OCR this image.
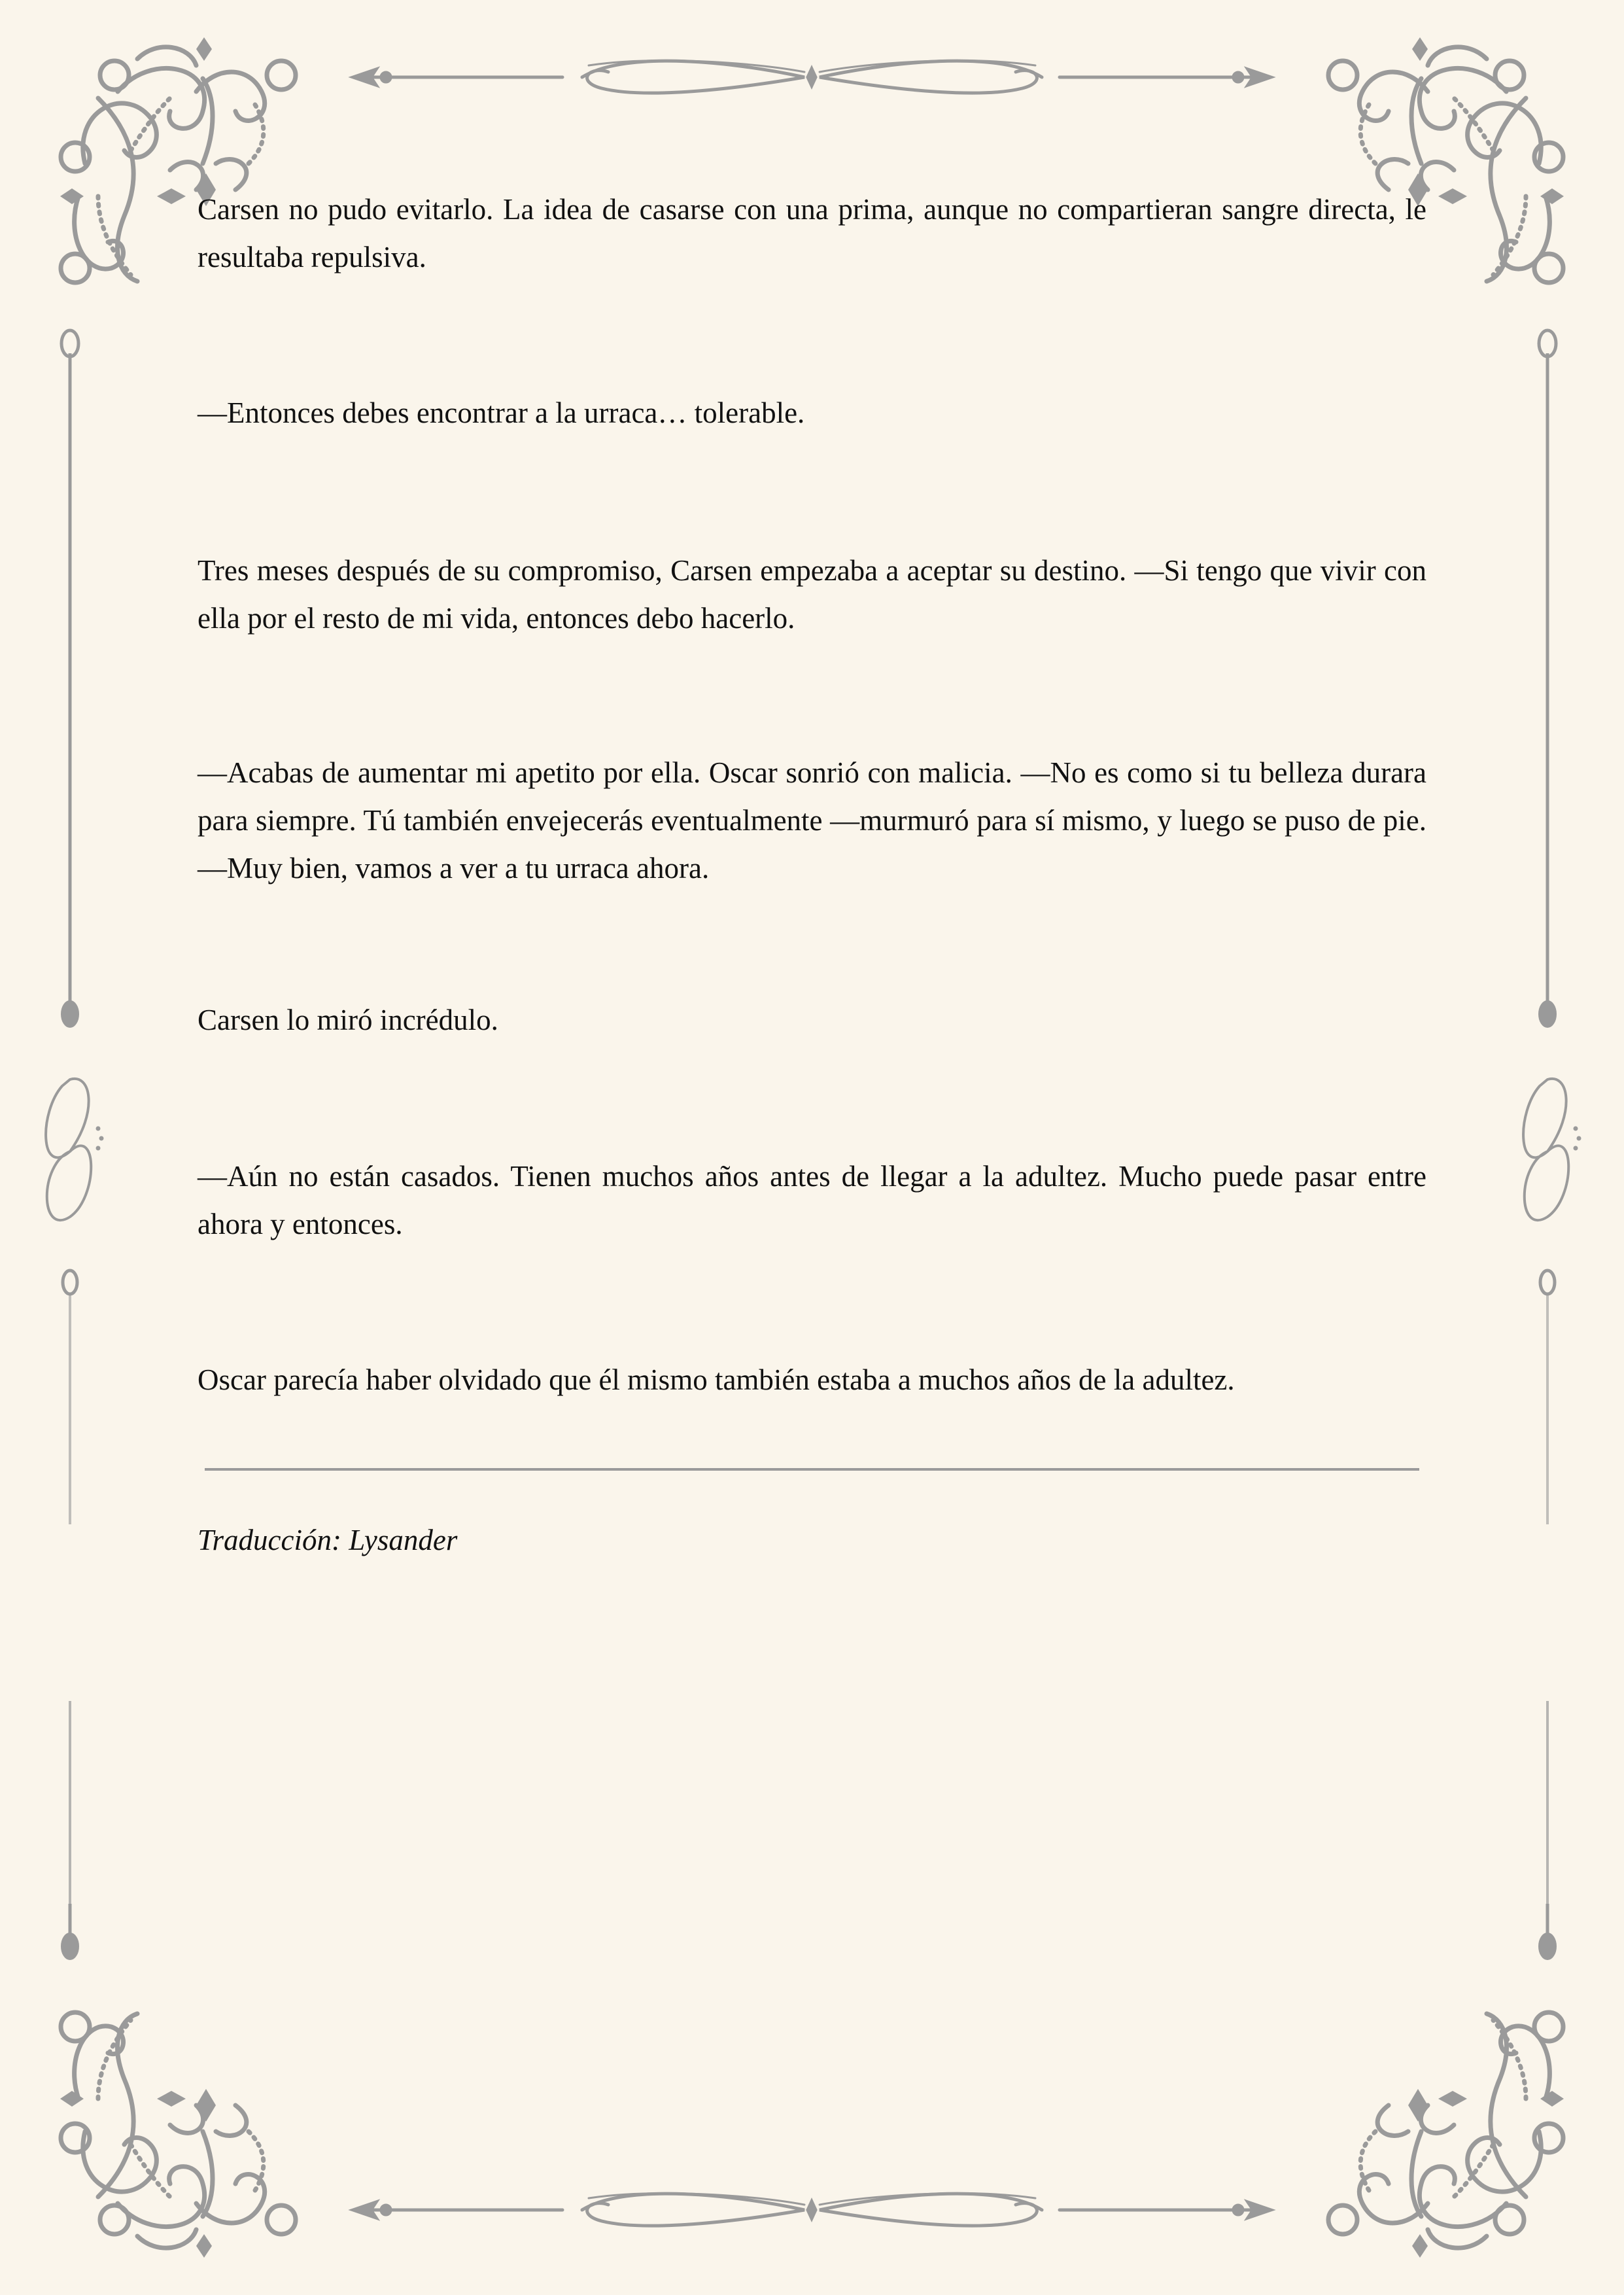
Carsen no pudo evitarlo. La idea de casarse con una prima, aunque no compartieran sangre directa, le resultaba repulsiva.

—Entonces debes encontrar a la urraca… tolerable.

Tres meses después de su compromiso, Carsen empezaba a aceptar su destino. —Si tengo que vivir con ella por el resto de mi vida, entonces debo hacerlo.

—Acabas de aumentar mi apetito por ella. Oscar sonrió con malicia. —No es como si tu belleza durara para siempre. Tú también envejecerás eventualmente —murmuró para sí mismo, y luego se puso de pie. —Muy bien, vamos a ver a tu urraca ahora.

Carsen lo miró incrédulo.

—Aún no están casados. Tienen muchos años antes de llegar a la adultez. Mucho puede pasar entre ahora y entonces.

Oscar parecía haber olvidado que él mismo también estaba a muchos años de la adultez.

Traducción: Lysander
